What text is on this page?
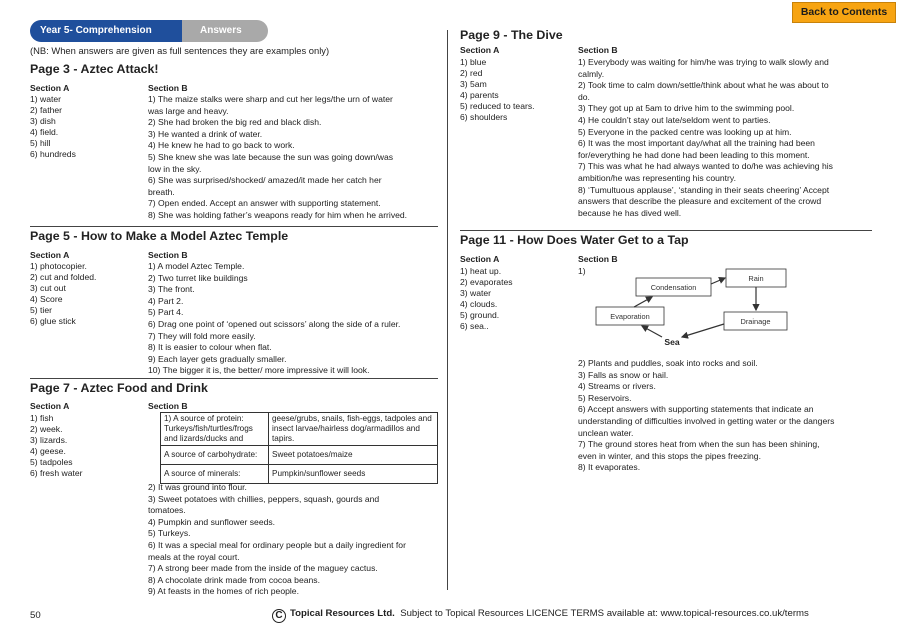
Back to Contents
Year 5- Comprehension	Answers
(NB: When answers are given as full sentences they are examples only)
Page 3 - Aztec Attack!
Section A	Section B
1) water
2) father
3) dish
4) field.
5) hill
6) hundreds
1) The maize stalks were sharp and cut her legs/the urn of water
was large and heavy.
2) She had broken the big red and black dish.
3) He wanted a drink of water.
4) He knew he had to go back to work.
5) She knew she was late because the sun was going down/was
low in the sky.
6) She was surprised/shocked/ amazed/it made her catch her
breath.
7) Open ended. Accept an answer with supporting statement.
8) She was holding father’s weapons ready for him when he arrived.
Page 5 - How to Make a Model Aztec Temple
Section A	Section B
1) photocopier.
2) cut and folded.
3) cut out
4) Score
5) tier
6) glue stick
1) A model Aztec Temple.
2) Two turret like buildings
3) The front.
4) Part 2.
5) Part 4.
6) Drag one point of ‘opened out scissors’ along the side of a ruler.
7) They will fold more easily.
8) It is easier to colour when flat.
9) Each layer gets gradually smaller.
10) The bigger it is, the better/ more impressive it will look.
Page 7 - Aztec Food and Drink
Section A	Section B
1) fish
2) week.
3) lizards.
4) geese.
5) tadpoles
6) fresh water
1) A source of protein: Turkeys/fish/turtles/frogs and lizards/ducks and	geese/grubs, snails, fish-eggs, tadpoles and insect larvae/hairless dog/armadillos and tapirs.
A source of carbohydrate:	Sweet potatoes/maize
A source of minerals:	Pumpkin/sunflower seeds
2) It was ground into flour.
3) Sweet potatoes with chillies, peppers, squash, gourds and
tomatoes.
4) Pumpkin and sunflower seeds.
5) Turkeys.
6) It was a special meal for ordinary people but a daily ingredient for
meals at the royal court.
7) A strong beer made from the inside of the maguey cactus.
8) A chocolate drink made from cocoa beans.
9) At feasts in the homes of rich people.
Page 9 - The Dive
Section A	Section B
1) blue
2) red
3) 5am
4) parents
5) reduced to tears.
6) shoulders
1) Everybody was waiting for him/he was trying to walk slowly and
calmly.
2) Took time to calm down/settle/think about what he was about to
do.
3) They got up at 5am to drive him to the swimming pool.
4) He couldn’t stay out late/seldom went to parties.
5) Everyone in the packed centre was looking up at him.
6) It was the most important day/what all the training had been
for/everything he had done had been leading to this moment.
7) This was what he had always wanted to do/he was achieving his
ambition/he was representing his country.
8) ‘Tumultuous applause’, ‘standing in their seats cheering’ Accept
answers that describe the pleasure and excitement of the crowd
because he has dived well.
Page 11 - How Does Water Get to a Tap
Section A	Section B
1) heat up.
2) evaporates
3) water
4) clouds.
5) ground.
6) sea..
1)
Rain
Condensation
Evaporation
Drainage
Sea
2) Plants and puddles, soak into rocks and soil.
3) Falls as snow or hail.
4) Streams or rivers.
5) Reservoirs.
6) Accept answers with supporting statements that indicate an
understanding of difficulties involved in getting water or the dangers
unclean water.
7) The ground stores heat from when the sun has been shining,
even in winter, and this stops the pipes freezing.
8) It evaporates.
50	C Topical Resources Ltd. Subject to Topical Resources LICENCE TERMS available at: www.topical-resources.co.uk/terms
